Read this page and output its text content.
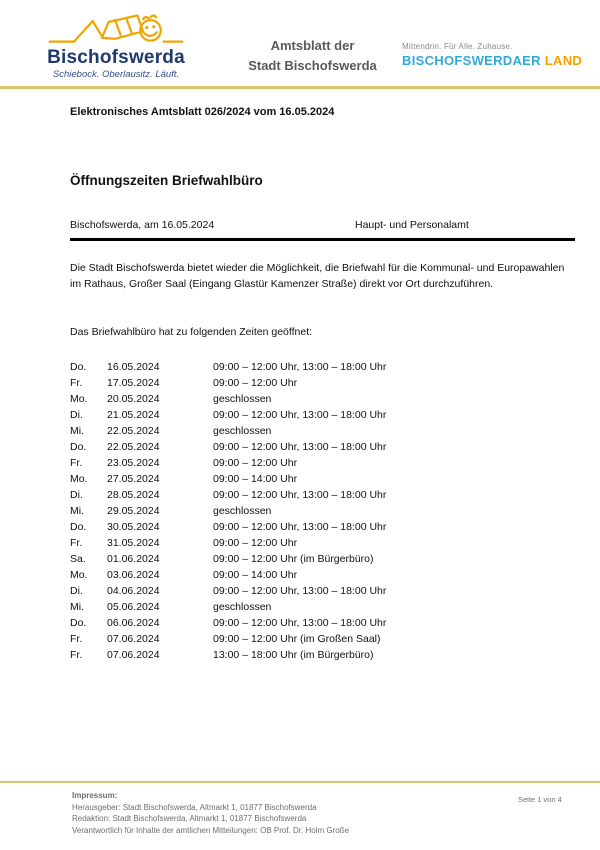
Bischofswerda
Schiebock. Oberlausitz. Läuft.
Amtsblatt der
Stadt Bischofswerda
Mittendrin. Für Alle. Zuhause.
BISCHOFSWERDAER LAND
Elektronisches Amtsblatt 026/2024 vom 16.05.2024
Öffnungszeiten Briefwahlbüro
Bischofswerda, am 16.05.2024	Haupt- und Personalamt
Die Stadt Bischofswerda bietet wieder die Möglichkeit, die Briefwahl für die Kommunal- und Europawahlen im Rathaus, Großer Saal (Eingang Glastür Kamenzer Straße) direkt vor Ort durchzuführen.
Das Briefwahlbüro hat zu folgenden Zeiten geöffnet:
Do.	16.05.2024	09:00 – 12:00 Uhr, 13:00 – 18:00 Uhr
Fr.	17.05.2024	09:00 – 12:00 Uhr
Mo.	20.05.2024	geschlossen
Di.	21.05.2024	09:00 – 12:00 Uhr, 13:00 – 18:00 Uhr
Mi.	22.05.2024	geschlossen
Do.	22.05.2024	09:00 – 12:00 Uhr, 13:00 – 18:00 Uhr
Fr.	23.05.2024	09:00 – 12:00 Uhr
Mo.	27.05.2024	09:00 – 14:00 Uhr
Di.	28.05.2024	09:00 – 12:00 Uhr, 13:00 – 18:00 Uhr
Mi.	29.05.2024	geschlossen
Do.	30.05.2024	09:00 – 12:00 Uhr, 13:00 – 18:00 Uhr
Fr.	31.05.2024	09:00 – 12:00 Uhr
Sa.	01.06.2024	09:00 – 12:00 Uhr (im Bürgerbüro)
Mo.	03.06.2024	09:00 – 14:00 Uhr
Di.	04.06.2024	09:00 – 12:00 Uhr, 13:00 – 18:00 Uhr
Mi.	05.06.2024	geschlossen
Do.	06.06.2024	09:00 – 12:00 Uhr, 13:00 – 18:00 Uhr
Fr.	07.06.2024	09:00 – 12:00 Uhr (im Großen Saal)
Fr.	07.06.2024	13:00 – 18:00 Uhr (im Bürgerbüro)
Impressum:
Herausgeber: Stadt Bischofswerda, Altmarkt 1, 01877 Bischofswerda
Redaktion: Stadt Bischofswerda, Altmarkt 1, 01877 Bischofswerda
Verantwortlich für Inhalte der amtlichen Mitteilungen: OB Prof. Dr. Holm Große
Seite 1 von 4
